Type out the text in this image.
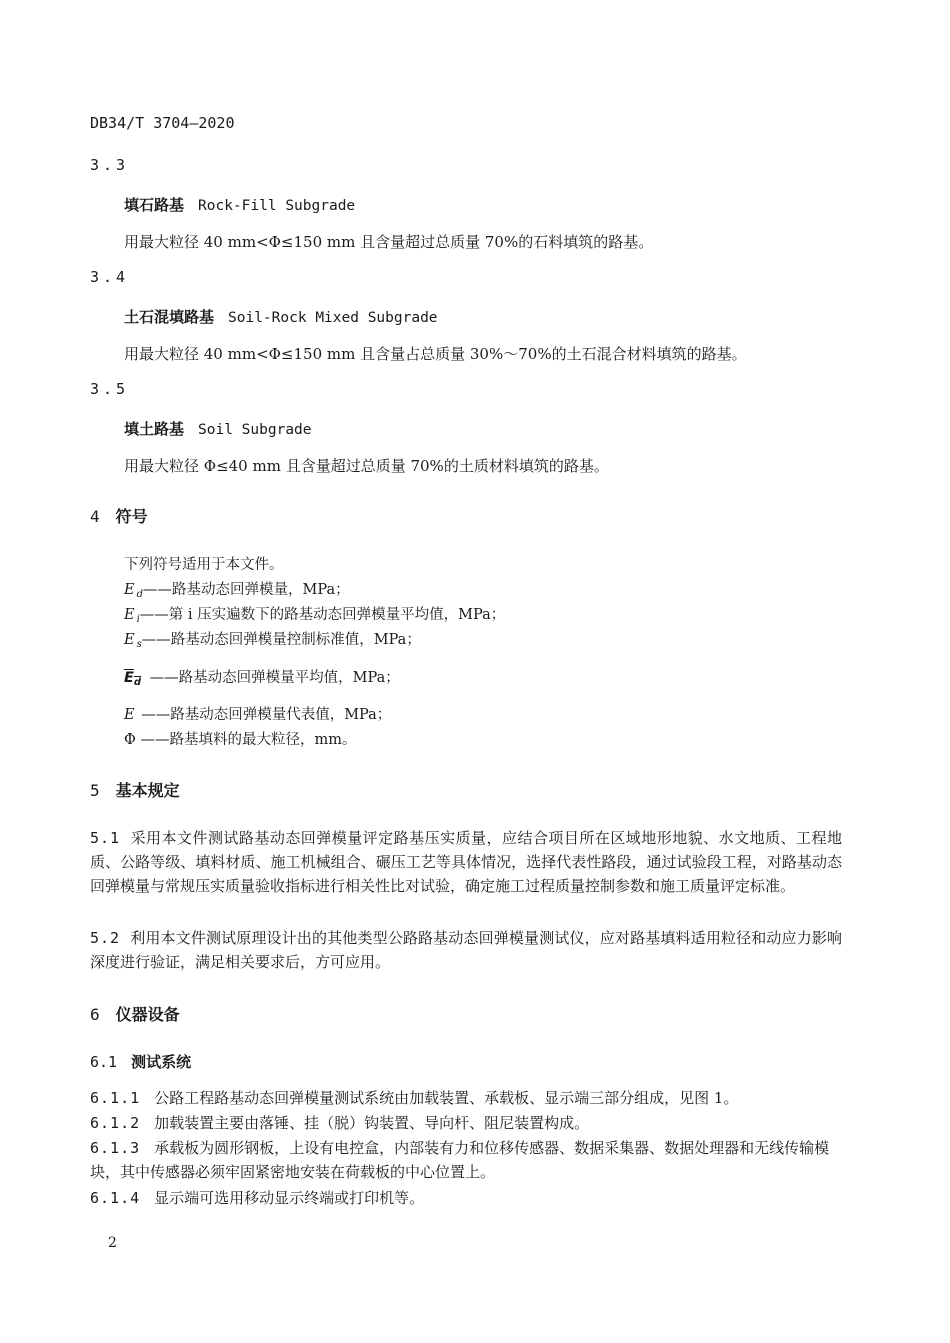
DB34/T 3704—2020
3.3
填石路基 Rock-Fill Subgrade
用最大粒径 40 mm<Φ≤150 mm 且含量超过总质量 70%的石料填筑的路基。
3.4
土石混填路基 Soil-Rock Mixed Subgrade
用最大粒径 40 mm<Φ≤150 mm 且含量占总质量 30%～70%的土石混合材料填筑的路基。
3.5
填土路基 Soil Subgrade
用最大粒径 Φ≤40 mm 且含量超过总质量 70%的土质材料填筑的路基。
4 符号
下列符号适用于本文件。
E $_d$——路基动态回弹模量，MPa；
E $_i$——第 i 压实遍数下的路基动态回弹模量平均值，MPa；
E $_s$——路基动态回弹模量控制标准值，MPa；
$E_d$ ——路基动态回弹模量平均值，MPa；
E ——路基动态回弹模量代表值，MPa；
Φ ——路基填料的最大粒径，mm。
5 基本规定
5.1 采用本文件测试路基动态回弹模量评定路基压实质量，应结合项目所在区域地形地貌、水文地质、工程地质、公路等级、填料材质、施工机械组合、碾压工艺等具体情况，选择代表性路段，通过试验段工程，对路基动态回弹模量与常规压实质量验收指标进行相关性比对试验，确定施工过程质量控制参数和施工质量评定标准。
5.2 利用本文件测试原理设计出的其他类型公路路基动态回弹模量测试仪，应对路基填料适用粒径和动应力影响深度进行验证，满足相关要求后，方可应用。
6 仪器设备
6.1 测试系统
6.1.1 公路工程路基动态回弹模量测试系统由加载装置、承载板、显示端三部分组成，见图 1。
6.1.2 加载装置主要由落锤、挂（脱）钩装置、导向杆、阻尼装置构成。
6.1.3 承载板为圆形钢板，上设有电控盒，内部装有力和位移传感器、数据采集器、数据处理器和无线传输模块，其中传感器必须牢固紧密地安装在荷载板的中心位置上。
6.1.4 显示端可选用移动显示终端或打印机等。
2
